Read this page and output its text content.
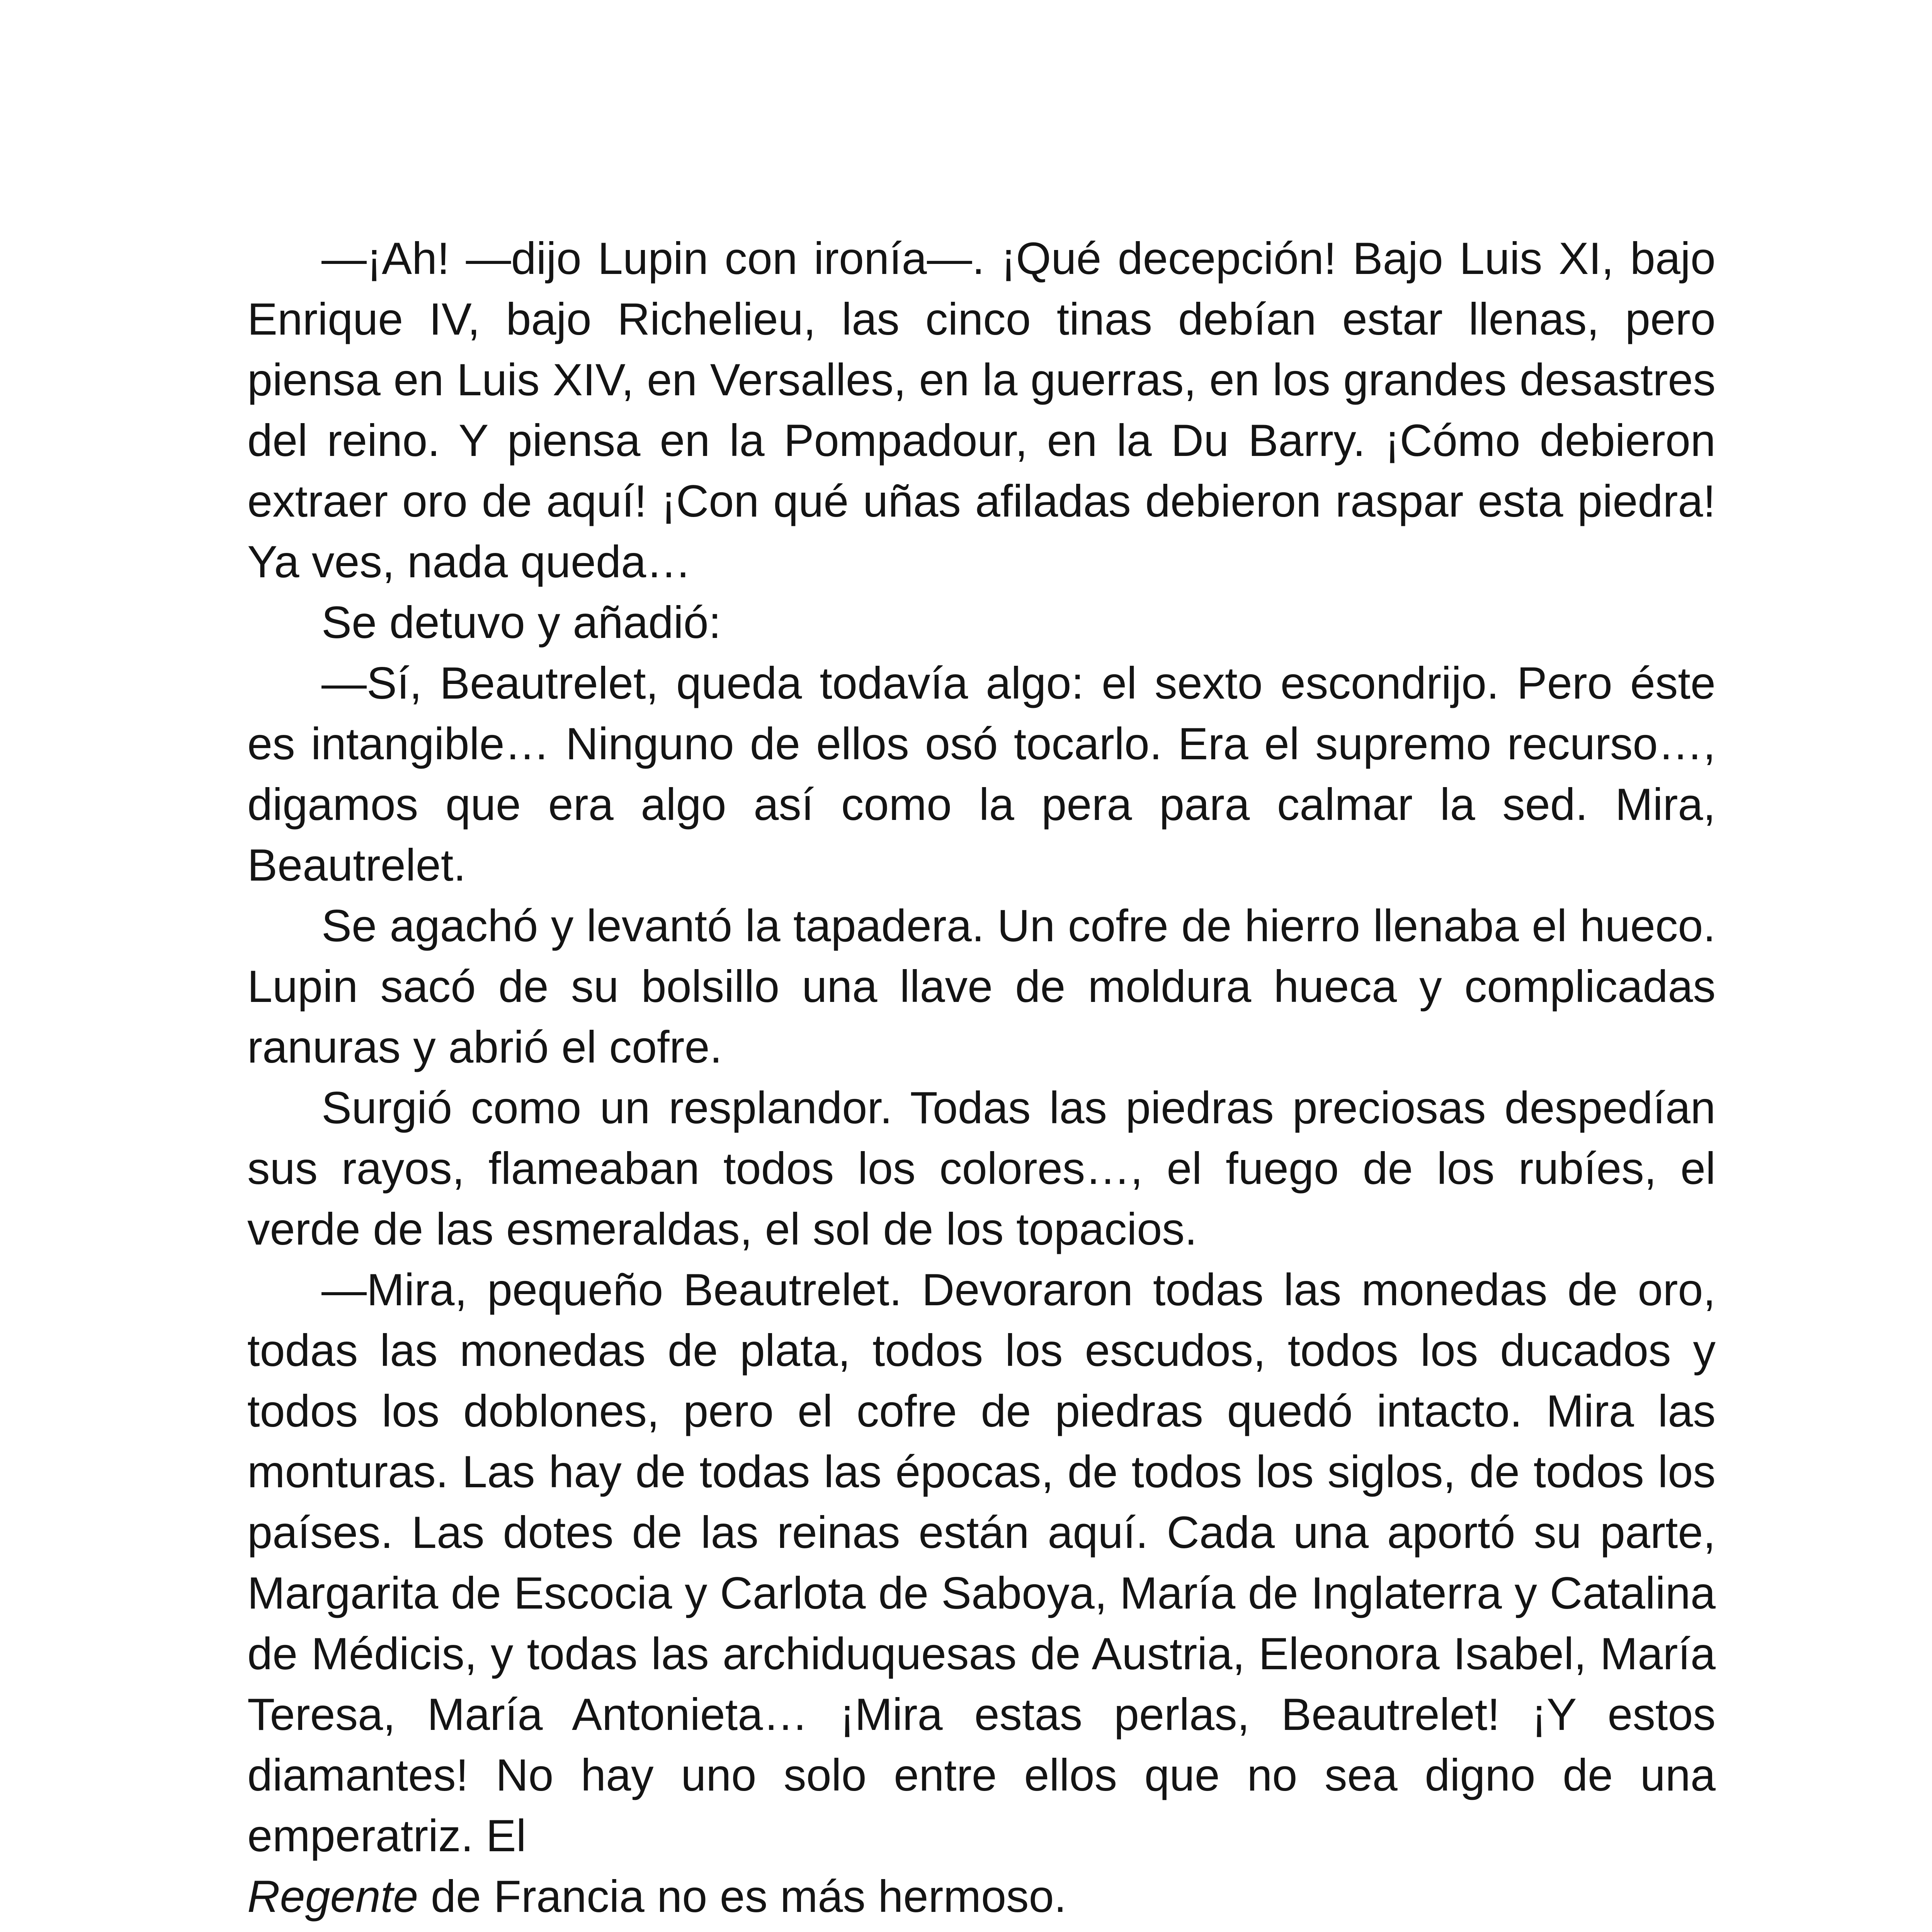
—¡Ah! —dijo Lupin con ironía—. ¡Qué decepción! Bajo Luis XI, bajo Enrique IV, bajo Richelieu, las cinco tinas debían estar llenas, pero piensa en Luis XIV, en Versalles, en la guerras, en los grandes desastres del reino. Y piensa en la Pompadour, en la Du Barry. ¡Cómo debieron extraer oro de aquí! ¡Con qué uñas afiladas debieron raspar esta piedra! Ya ves, nada queda…

Se detuvo y añadió:

—Sí, Beautrelet, queda todavía algo: el sexto escondrijo. Pero éste es intangible… Ninguno de ellos osó tocarlo. Era el supremo recurso…, digamos que era algo así como la pera para calmar la sed. Mira, Beautrelet.

Se agachó y levantó la tapadera. Un cofre de hierro llenaba el hueco. Lupin sacó de su bolsillo una llave de moldura hueca y complicadas ranuras y abrió el cofre.

Surgió como un resplandor. Todas las piedras preciosas despedían sus rayos, flameaban todos los colores…, el fuego de los rubíes, el verde de las esmeraldas, el sol de los topacios.

—Mira, pequeño Beautrelet. Devoraron todas las monedas de oro, todas las monedas de plata, todos los escudos, todos los ducados y todos los doblones, pero el cofre de piedras quedó intacto. Mira las monturas. Las hay de todas las épocas, de todos los siglos, de todos los países. Las dotes de las reinas están aquí. Cada una aportó su parte, Margarita de Escocia y Carlota de Saboya, María de Inglaterra y Catalina de Médicis, y todas las archiduquesas de Austria, Eleonora Isabel, María Teresa, María Antonieta… ¡Mira estas perlas, Beautrelet! ¡Y estos diamantes! No hay uno solo entre ellos que no sea digno de una emperatriz. El
Regente de Francia no es más hermoso.
